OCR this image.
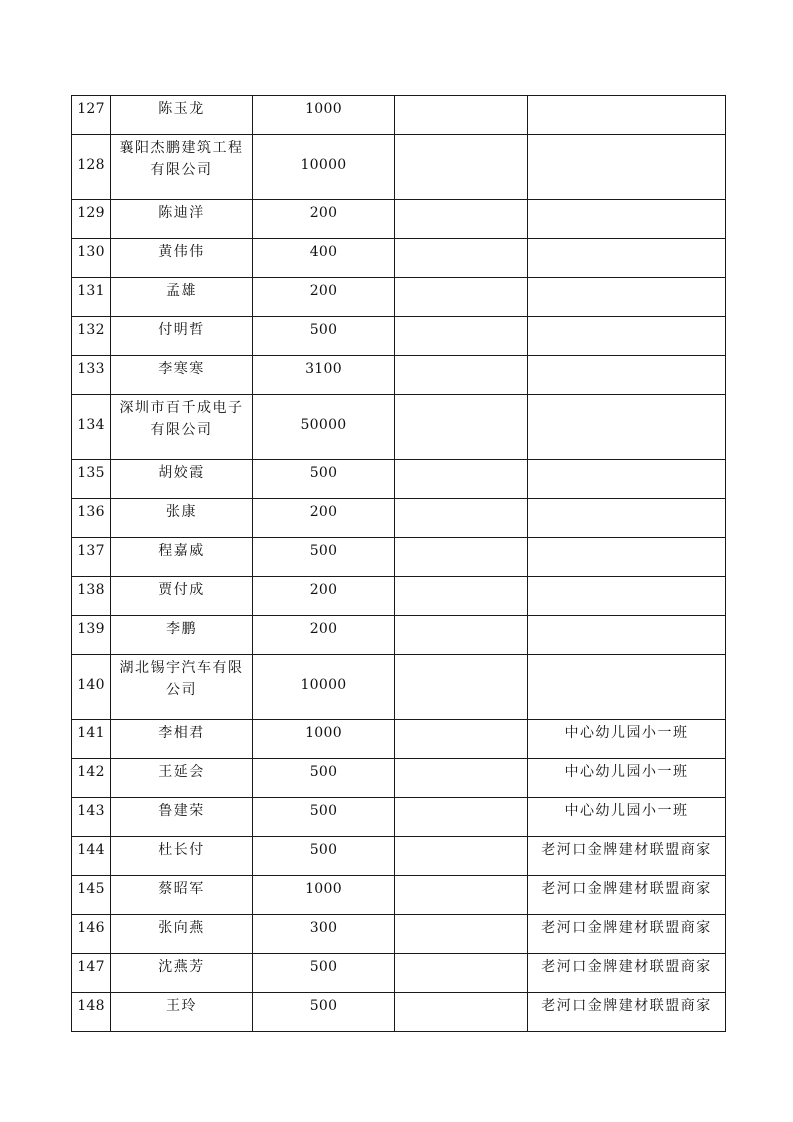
127	陈玉龙	1000		
128	襄阳杰鹏建筑工程有限公司	10000		
129	陈迪洋	200		
130	黄伟伟	400		
131	孟雄	200		
132	付明哲	500		
133	李寒寒	3100		
134	深圳市百千成电子有限公司	50000		
135	胡姣霞	500		
136	张康	200		
137	程嘉威	500		
138	贾付成	200		
139	李鹏	200		
140	湖北锡宇汽车有限公司	10000		
141	李相君	1000		中心幼儿园小一班
142	王延会	500		中心幼儿园小一班
143	鲁建荣	500		中心幼儿园小一班
144	杜长付	500		老河口金牌建材联盟商家
145	蔡昭军	1000		老河口金牌建材联盟商家
146	张向燕	300		老河口金牌建材联盟商家
147	沈燕芳	500		老河口金牌建材联盟商家
148	王玲	500		老河口金牌建材联盟商家
